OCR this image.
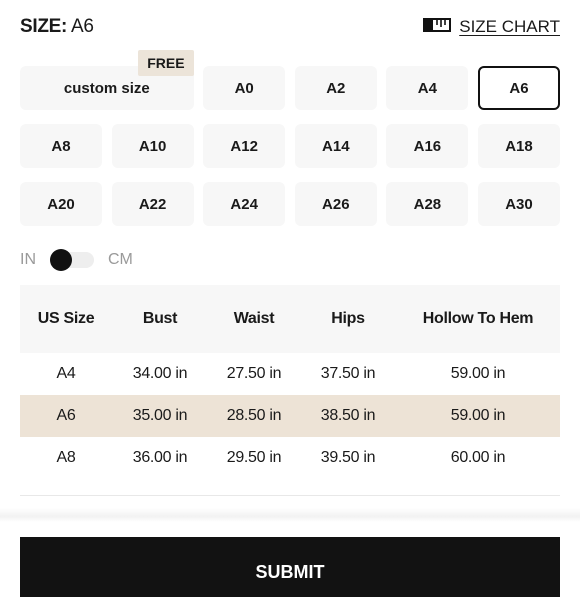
SIZE: A6	SIZE CHART
custom size
FREE
A0	A2	A4	A6
A8	A10	A12	A14	A16	A18
A20	A22	A24	A26	A28	A30
IN	CM
US Size	Bust	Waist	Hips	Hollow To Hem
A4	34.00 in	27.50 in	37.50 in	59.00 in
A6	35.00 in	28.50 in	38.50 in	59.00 in
A8	36.00 in	29.50 in	39.50 in	60.00 in
SUBMIT
